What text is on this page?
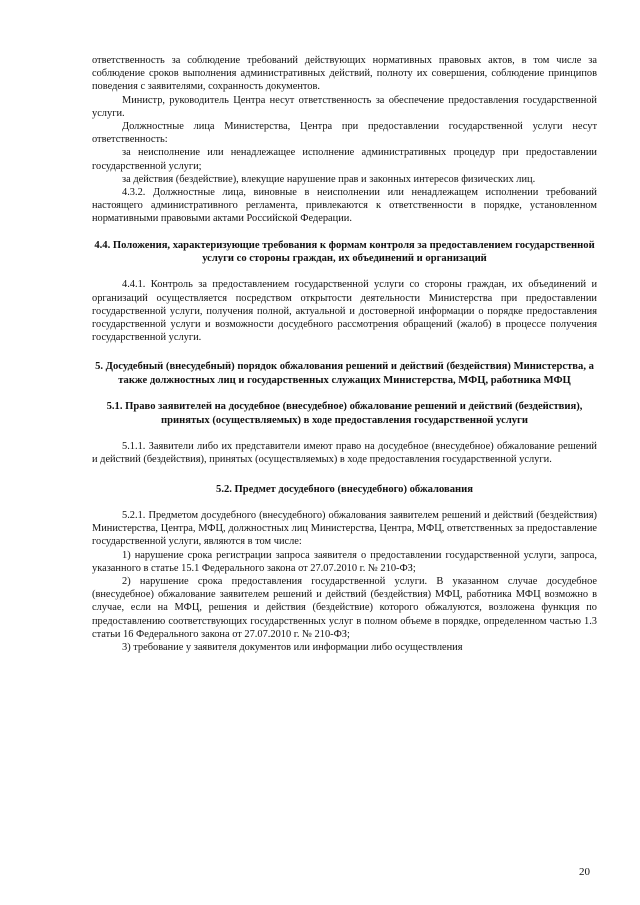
ответственность за соблюдение требований действующих нормативных правовых актов, в том числе за соблюдение сроков выполнения административных действий, полноту их совершения, соблюдение принципов поведения с заявителями, сохранность документов.

Министр, руководитель Центра несут ответственность за обеспечение предоставления государственной услуги.

Должностные лица Министерства, Центра при предоставлении государственной услуги несут ответственность:

за неисполнение или ненадлежащее исполнение административных процедур при предоставлении государственной услуги;

за действия (бездействие), влекущие нарушение прав и законных интересов физических лиц.

4.3.2. Должностные лица, виновные в неисполнении или ненадлежащем исполнении требований настоящего административного регламента, привлекаются к ответственности в порядке, установленном нормативными правовыми актами Российской Федерации.

4.4. Положения, характеризующие требования к формам контроля за предоставлением государственной услуги со стороны граждан, их объединений и организаций

4.4.1. Контроль за предоставлением государственной услуги со стороны граждан, их объединений и организаций осуществляется посредством открытости деятельности Министерства при предоставлении государственной услуги, получения полной, актуальной и достоверной информации о порядке предоставления государственной услуги и возможности досудебного рассмотрения обращений (жалоб) в процессе получения государственной услуги.

5. Досудебный (внесудебный) порядок обжалования решений и действий (бездействия) Министерства, а также должностных лиц и государственных служащих Министерства, МФЦ, работника МФЦ
5.1. Право заявителей на досудебное (внесудебное) обжалование решений и действий (бездействия), принятых (осуществляемых) в ходе предоставления государственной услуги

5.1.1. Заявители либо их представители имеют право на досудебное (внесудебное) обжалование решений и действий (бездействия), принятых (осуществляемых) в ходе предоставления государственной услуги.

5.2. Предмет досудебного (внесудебного) обжалования

5.2.1. Предметом досудебного (внесудебного) обжалования заявителем решений и действий (бездействия) Министерства, Центра, МФЦ, должностных лиц Министерства, Центра, МФЦ, ответственных за предоставление государственной услуги, являются в том числе:

1) нарушение срока регистрации запроса заявителя о предоставлении государственной услуги, запроса, указанного в статье 15.1 Федерального закона от 27.07.2010 г. № 210-ФЗ;

2) нарушение срока предоставления государственной услуги. В указанном случае досудебное (внесудебное) обжалование заявителем решений и действий (бездействия) МФЦ, работника МФЦ возможно в случае, если на МФЦ, решения и действия (бездействие) которого обжалуются, возложена функция по предоставлению соответствующих государственных услуг в полном объеме в порядке, определенном частью 1.3 статьи 16 Федерального закона от 27.07.2010 г. № 210-ФЗ;

3) требование у заявителя документов или информации либо осуществления

20
